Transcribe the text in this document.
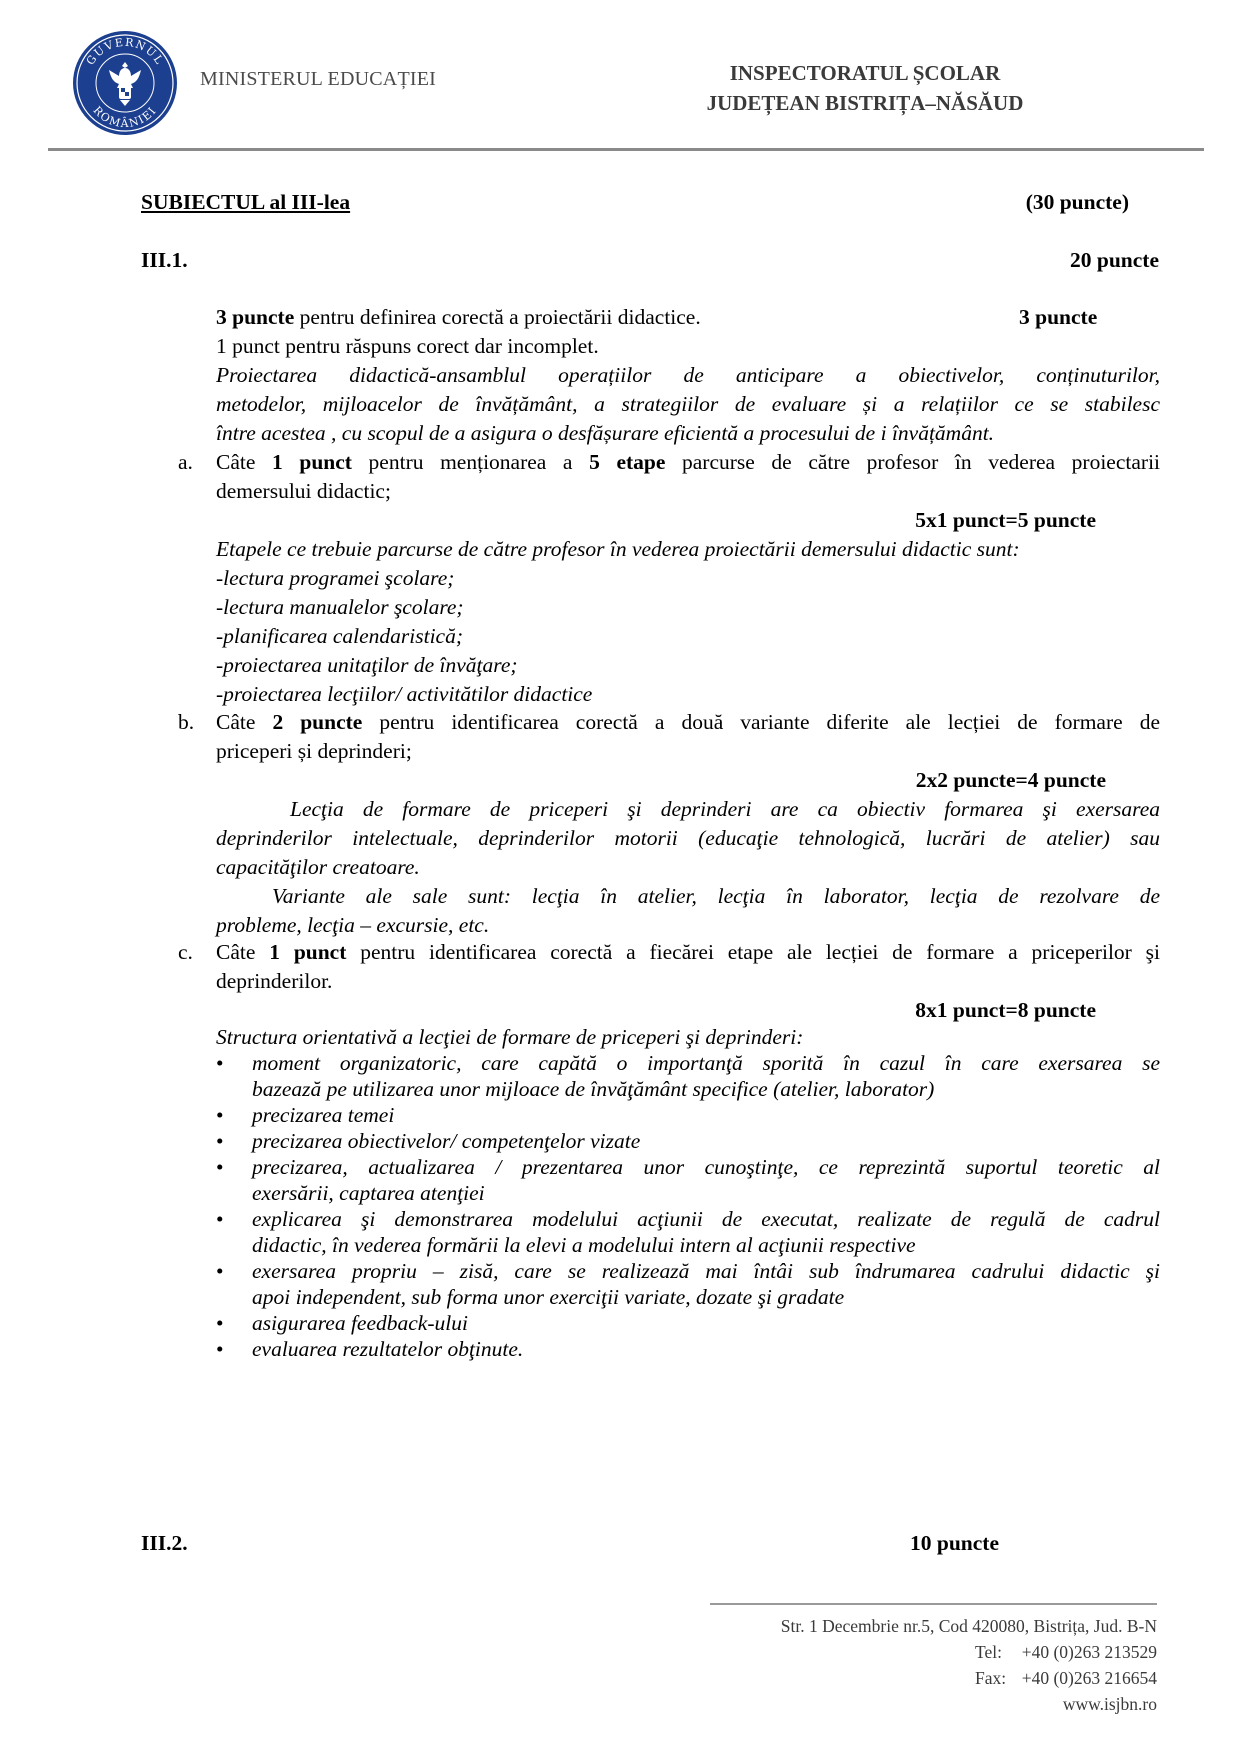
GUVERNUL
ROMÂNIEI
MINISTERUL EDUCAȚIEI	INSPECTORATUL ȘCOLAR
JUDEȚEAN BISTRIȚA–NĂSĂUD
SUBIECTUL al III-lea	(30 puncte)
III.1.	20 puncte
3 puncte pentru definirea corectă a proiectării didactice.	3 puncte
1 punct pentru răspuns corect dar incomplet.
Proiectarea didactică-ansamblul operațiilor de anticipare a obiectivelor, conținuturilor,
metodelor, mijloacelor de învățământ, a strategiilor de evaluare și a relațiilor ce se stabilesc
între acestea , cu scopul de a asigura o desfășurare eficientă a procesului de i învățământ.
a. Câte 1 punct pentru menționarea a 5 etape parcurse de către profesor în vederea proiectarii
demersului didactic;
5x1 punct=5 puncte
Etapele ce trebuie parcurse de către profesor în vederea proiectării demersului didactic sunt:
-lectura programei şcolare;
-lectura manualelor şcolare;
-planificarea calendaristică;
-proiectarea unitaţilor de învăţare;
-proiectarea lecţiilor/ activitătilor didactice
b. Câte 2 puncte pentru identificarea corectă a două variante diferite ale lecției de formare de
priceperi și deprinderi;
2x2 puncte=4 puncte
Lecţia de formare de priceperi şi deprinderi are ca obiectiv formarea şi exersarea
deprinderilor intelectuale, deprinderilor motorii (educaţie tehnologică, lucrări de atelier) sau
capacităţilor creatoare.
Variante ale sale sunt: lecţia în atelier, lecţia în laborator, lecţia de rezolvare de
probleme, lecţia – excursie, etc.
c. Câte 1 punct pentru identificarea corectă a fiecărei etape ale lecției de formare a priceperilor şi
deprinderilor.
8x1 punct=8 puncte
Structura orientativă a lecţiei de formare de priceperi şi deprinderi:
• moment organizatoric, care capătă o importanţă sporită în cazul în care exersarea se
bazează pe utilizarea unor mijloace de învăţământ specifice (atelier, laborator)
• precizarea temei
• precizarea obiectivelor/ competenţelor vizate
• precizarea, actualizarea / prezentarea unor cunoştinţe, ce reprezintă suportul teoretic al
exersării, captarea atenţiei
• explicarea şi demonstrarea modelului acţiunii de executat, realizate de regulă de cadrul
didactic, în vederea formării la elevi a modelului intern al acţiunii respective
• exersarea propriu – zisă, care se realizează mai întâi sub îndrumarea cadrului didactic şi
apoi independent, sub forma unor exerciţii variate, dozate şi gradate
• asigurarea feedback-ului
• evaluarea rezultatelor obţinute.
III.2.	10 puncte
Str. 1 Decembrie nr.5, Cod 420080, Bistrița, Jud. B-N
Tel: +40 (0)263 213529
Fax: +40 (0)263 216654
www.isjbn.ro
